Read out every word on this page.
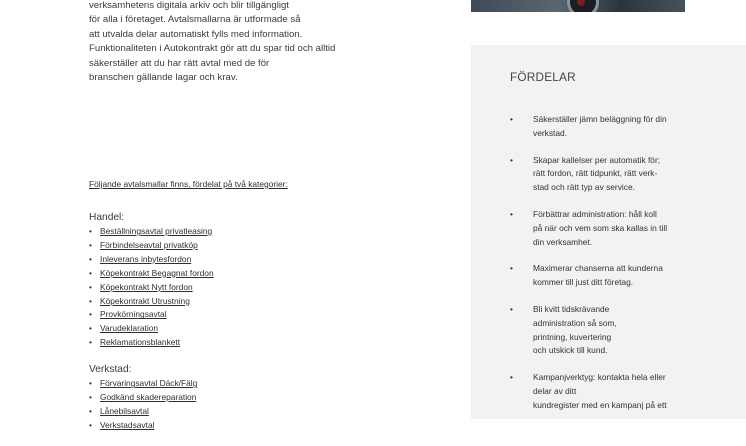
verksamhetens digitala arkiv och blir tillgängligt
för alla i företaget. Avtalsmallarna är utformade så
att utvalda delar automatiskt fylls med information.
Funktionaliteten i Autokontrakt gör att du spar tid och alltid
säkerställer att du har rätt avtal med de för
branschen gällande lagar och krav.

Följande avtalsmallar finns, fördelat på två kategorier:

Handel:

• Beställningsavtal privatleasing
• Förbindelseavtal privatköp
• Inleverans inbytesfordon
• Köpekontrakt Begagnat fordon
• Köpekontrakt Nytt fordon
• Köpekontrakt Utrustning
• Provkörningsavtal
• Varudeklaration
• Reklamationsblankett

Verkstad:

• Förvaringsavtal Däck/Fälg
• Godkänd skadereparation
• Lånebilsavtal
• Verkstadsavtal
FÖRDELAR
• Säkerställer jämn beläggning för din
verkstad.
• Skapar kallelser per automatik för;
rätt fordon, rätt tidpunkt, rätt verk-
stad och rätt typ av service.
• Förbättrar administration: håll koll
på när och vem som ska kallas in till
din verksamhet.
• Maximerar chanserna att kunderna
kommer till just ditt företag.
• Bli kvitt tidskrävande
administration så som,
printning, kuvertering
och utskick till kund.
• Kampanjverktyg: kontakta hela eller
delar av ditt
kundregister med en kampanj på ett
